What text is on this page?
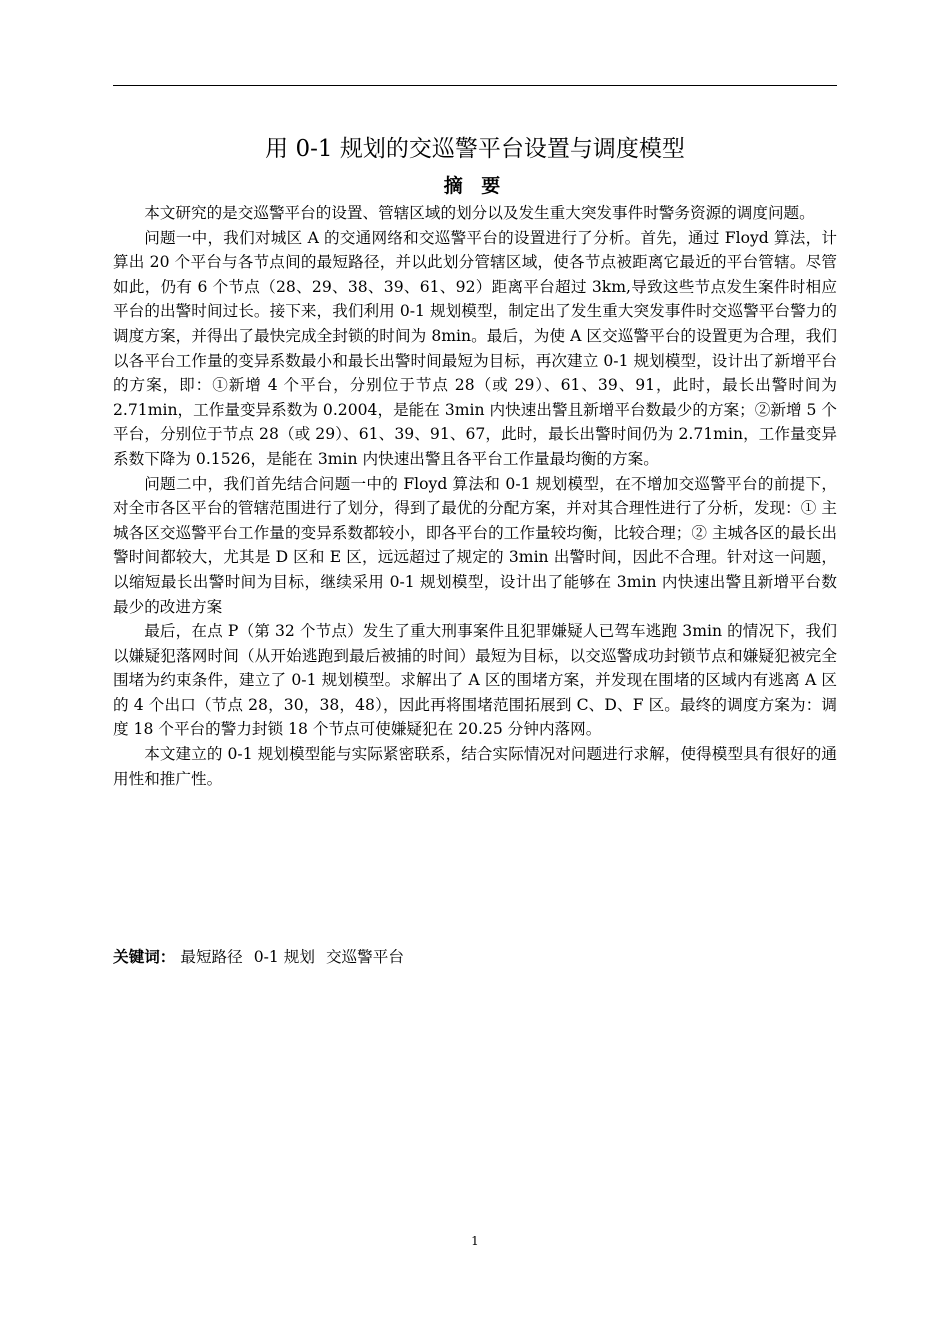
用 0-1 规划的交巡警平台设置与调度模型
摘 要

本文研究的是交巡警平台的设置、管辖区域的划分以及发生重大突发事件时警务资源的调度问题。

问题一中，我们对城区 A 的交通网络和交巡警平台的设置进行了分析。首先，通过 Floyd 算法，计算出 20 个平台与各节点间的最短路径，并以此划分管辖区域，使各节点被距离它最近的平台管辖。尽管如此，仍有 6 个节点（28、29、38、39、61、92）距离平台超过 3km,导致这些节点发生案件时相应平台的出警时间过长。接下来，我们利用 0-1 规划模型，制定出了发生重大突发事件时交巡警平台警力的调度方案，并得出了最快完成全封锁的时间为 8min。最后，为使 A 区交巡警平台的设置更为合理，我们以各平台工作量的变异系数最小和最长出警时间最短为目标，再次建立 0-1 规划模型，设计出了新增平台的方案，即：①新增 4 个平台，分别位于节点 28（或 29）、61、39、91，此时，最长出警时间为 2.71min，工作量变异系数为 0.2004，是能在 3min 内快速出警且新增平台数最少的方案；②新增 5 个平台，分别位于节点 28（或 29）、61、39、91、67，此时，最长出警时间仍为 2.71min，工作量变异系数下降为 0.1526，是能在 3min 内快速出警且各平台工作量最均衡的方案。

问题二中，我们首先结合问题一中的 Floyd 算法和 0-1 规划模型，在不增加交巡警平台的前提下，对全市各区平台的管辖范围进行了划分，得到了最优的分配方案，并对其合理性进行了分析，发现：① 主城各区交巡警平台工作量的变异系数都较小，即各平台的工作量较均衡，比较合理；② 主城各区的最长出警时间都较大，尤其是 D 区和 E 区，远远超过了规定的 3min 出警时间，因此不合理。针对这一问题，以缩短最长出警时间为目标，继续采用 0-1 规划模型，设计出了能够在 3min 内快速出警且新增平台数最少的改进方案

最后，在点 P（第 32 个节点）发生了重大刑事案件且犯罪嫌疑人已驾车逃跑 3min 的情况下，我们以嫌疑犯落网时间（从开始逃跑到最后被捕的时间）最短为目标，以交巡警成功封锁节点和嫌疑犯被完全围堵为约束条件，建立了 0-1 规划模型。求解出了 A 区的围堵方案，并发现在围堵的区域内有逃离 A 区的 4 个出口（节点 28，30，38，48），因此再将围堵范围拓展到 C、D、F 区。最终的调度方案为：调度 18 个平台的警力封锁 18 个节点可使嫌疑犯在 20.25 分钟内落网。

本文建立的 0-1 规划模型能与实际紧密联系，结合实际情况对问题进行求解，使得模型具有很好的通用性和推广性。

关键词： 最短路径 0-1 规划 交巡警平台
1
